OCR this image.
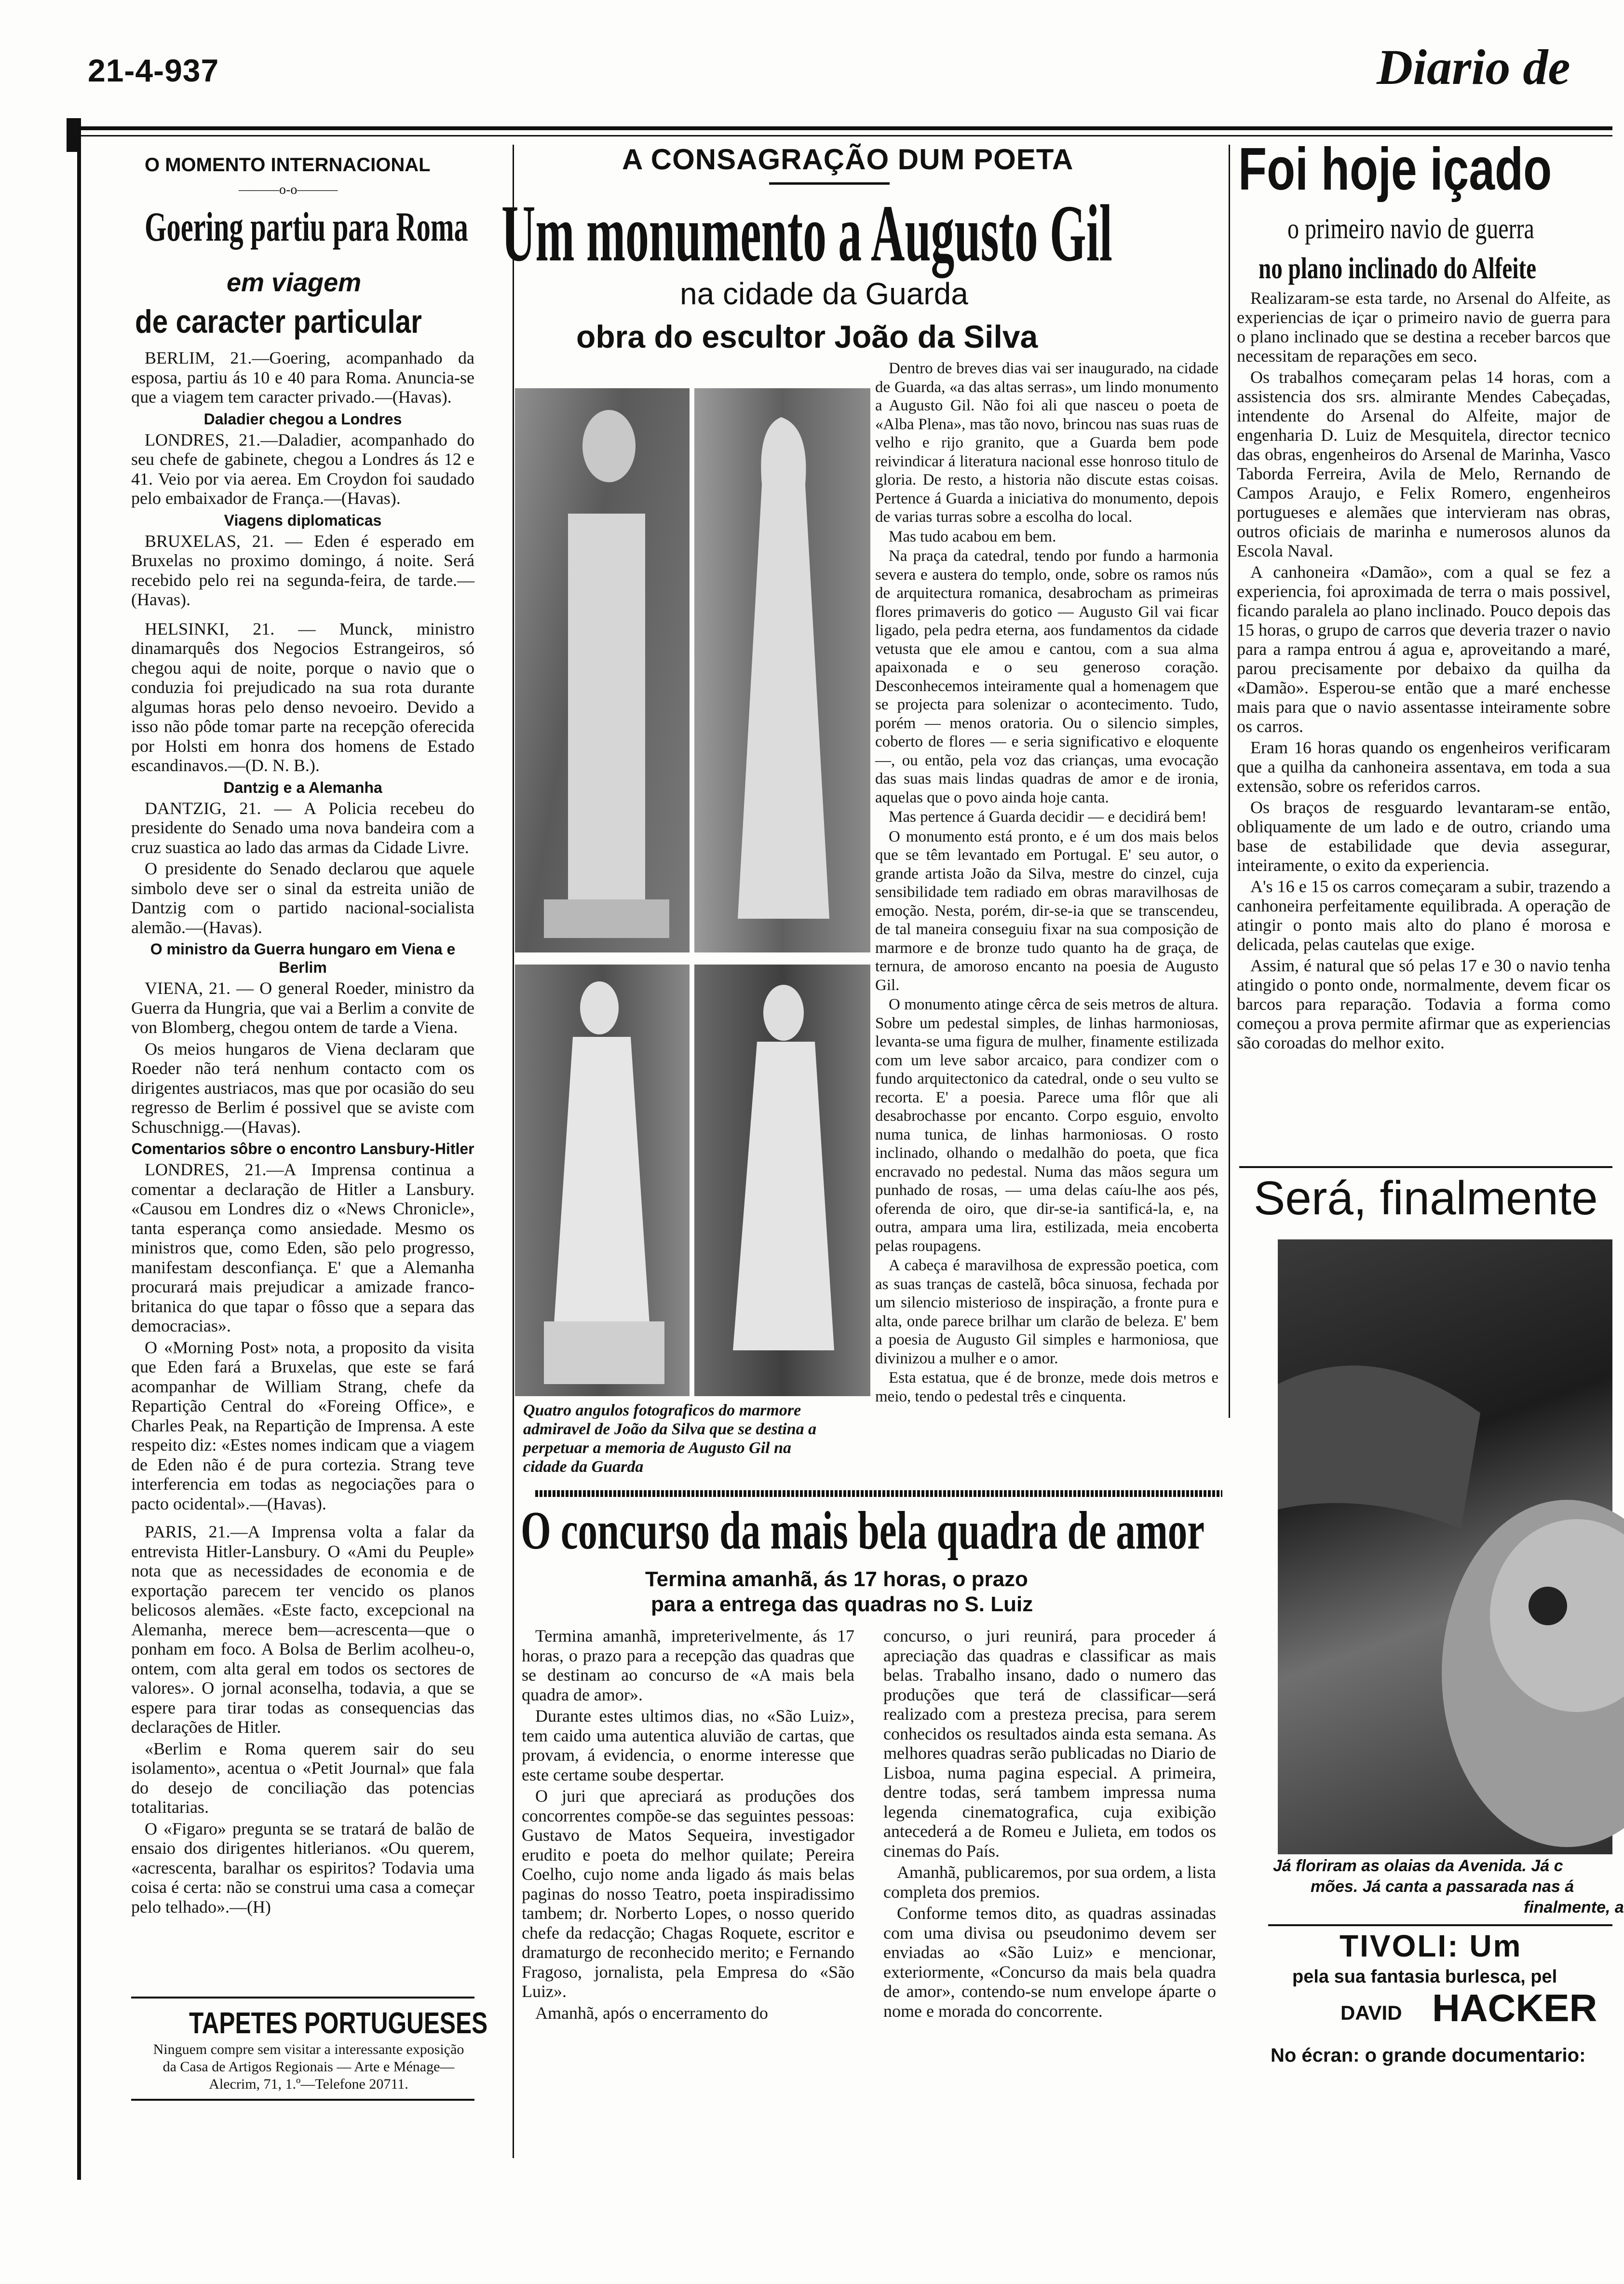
21-4-937	Diario de
O MOMENTO INTERNACIONAL
———o-o———
Goering partiu para Roma
em viagem
de caracter particular

BERLIM, 21.—Goering, acompanhado da esposa, partiu ás 10 e 40 para Roma. Anuncia-se que a viagem tem caracter privado.—(Havas).

Daladier chegou a Londres

LONDRES, 21.—Daladier, acompanhado do seu chefe de gabinete, chegou a Londres ás 12 e 41. Veio por via aerea. Em Croydon foi saudado pelo embaixador de França.—(Havas).

Viagens diplomaticas

BRUXELAS, 21. — Eden é esperado em Bruxelas no proximo domingo, á noite. Será recebido pelo rei na segunda-feira, de tarde.—(Havas).

HELSINKI, 21. — Munck, ministro dinamarquês dos Negocios Estrangeiros, só chegou aqui de noite, porque o navio que o conduzia foi prejudicado na sua rota durante algumas horas pelo denso nevoeiro. Devido a isso não pôde tomar parte na recepção oferecida por Holsti em honra dos homens de Estado escandinavos.—(D. N. B.).

Dantzig e a Alemanha

DANTZIG, 21. — A Policia recebeu do presidente do Senado uma nova bandeira com a cruz suastica ao lado das armas da Cidade Livre.

O presidente do Senado declarou que aquele simbolo deve ser o sinal da estreita união de Dantzig com o partido nacional-socialista alemão.—(Havas).

O ministro da Guerra hungaro em Viena e Berlim

VIENA, 21. — O general Roeder, ministro da Guerra da Hungria, que vai a Berlim a convite de von Blomberg, chegou ontem de tarde a Viena.

Os meios hungaros de Viena declaram que Roeder não terá nenhum contacto com os dirigentes austriacos, mas que por ocasião do seu regresso de Berlim é possivel que se aviste com Schuschnigg.—(Havas).

Comentarios sôbre o encontro Lansbury-Hitler

LONDRES, 21.—A Imprensa continua a comentar a declaração de Hitler a Lansbury. «Causou em Londres diz o «News Chronicle», tanta esperança como ansiedade. Mesmo os ministros que, como Eden, são pelo progresso, manifestam desconfiança. E' que a Alemanha procurará mais prejudicar a amizade franco-britanica do que tapar o fôsso que a separa das democracias».

O «Morning Post» nota, a proposito da visita que Eden fará a Bruxelas, que este se fará acompanhar de William Strang, chefe da Repartição Central do «Foreing Office», e Charles Peak, na Repartição de Imprensa. A este respeito diz: «Estes nomes indicam que a viagem de Eden não é de pura cortezia. Strang teve interferencia em todas as negociações para o pacto ocidental».—(Havas).

PARIS, 21.—A Imprensa volta a falar da entrevista Hitler-Lansbury. O «Ami du Peuple» nota que as necessidades de economia e de exportação parecem ter vencido os planos belicosos alemães. «Este facto, excepcional na Alemanha, merece bem—acrescenta—que o ponham em foco. A Bolsa de Berlim acolheu-o, ontem, com alta geral em todos os sectores de valores». O jornal aconselha, todavia, a que se espere para tirar todas as consequencias das declarações de Hitler.

«Berlim e Roma querem sair do seu isolamento», acentua o «Petit Journal» que fala do desejo de conciliação das potencias totalitarias.

O «Figaro» pregunta se se tratará de balão de ensaio dos dirigentes hitlerianos. «Ou querem, «acrescenta, baralhar os espiritos? Todavia uma coisa é certa: não se construi uma casa a começar pelo telhado».—(H)

TAPETES PORTUGUESES
Ninguem compre sem visitar a interessante exposição da Casa de Artigos Regionais — Arte e Ménage—Alecrim, 71, 1.º—Telefone 20711.
A CONSAGRAÇÃO DUM POETA
Um monumento a Augusto Gil
na cidade da Guarda
obra do escultor João da Silva
Quatro angulos fotograficos do marmore admiravel de João da Silva que se destina a perpetuar a memoria de Augusto Gil na cidade da Guarda

Dentro de breves dias vai ser inaugurado, na cidade de Guarda, «a das altas serras», um lindo monumento a Augusto Gil. Não foi ali que nasceu o poeta de «Alba Plena», mas tão novo, brincou nas suas ruas de velho e rijo granito, que a Guarda bem pode reivindicar á literatura nacional esse honroso titulo de gloria. De resto, a historia não discute estas coisas. Pertence á Guarda a iniciativa do monumento, depois de varias turras sobre a escolha do local.

Mas tudo acabou em bem.

Na praça da catedral, tendo por fundo a harmonia severa e austera do templo, onde, sobre os ramos nús de arquitectura romanica, desabrocham as primeiras flores primaveris do gotico — Augusto Gil vai ficar ligado, pela pedra eterna, aos fundamentos da cidade vetusta que ele amou e cantou, com a sua alma apaixonada e o seu generoso coração. Desconhecemos inteiramente qual a homenagem que se projecta para solenizar o acontecimento. Tudo, porém — menos oratoria. Ou o silencio simples, coberto de flores — e seria significativo e eloquente —, ou então, pela voz das crianças, uma evocação das suas mais lindas quadras de amor e de ironia, aquelas que o povo ainda hoje canta.

Mas pertence á Guarda decidir — e decidirá bem!

O monumento está pronto, e é um dos mais belos que se têm levantado em Portugal. E' seu autor, o grande artista João da Silva, mestre do cinzel, cuja sensibilidade tem radiado em obras maravilhosas de emoção. Nesta, porém, dir-se-ia que se transcendeu, de tal maneira conseguiu fixar na sua composição de marmore e de bronze tudo quanto ha de graça, de ternura, de amoroso encanto na poesia de Augusto Gil.

O monumento atinge cêrca de seis metros de altura. Sobre um pedestal simples, de linhas harmoniosas, levanta-se uma figura de mulher, finamente estilizada com um leve sabor arcaico, para condizer com o fundo arquitectonico da catedral, onde o seu vulto se recorta. E' a poesia. Parece uma flôr que ali desabrochasse por encanto. Corpo esguio, envolto numa tunica, de linhas harmoniosas. O rosto inclinado, olhando o medalhão do poeta, que fica encravado no pedestal. Numa das mãos segura um punhado de rosas, — uma delas caíu-lhe aos pés, oferenda de oiro, que dir-se-ia santificá-la, e, na outra, ampara uma lira, estilizada, meia encoberta pelas roupagens.

A cabeça é maravilhosa de expressão poetica, com as suas tranças de castelã, bôca sinuosa, fechada por um silencio misterioso de inspiração, a fronte pura e alta, onde parece brilhar um clarão de beleza. E' bem a poesia de Augusto Gil simples e harmoniosa, que divinizou a mulher e o amor.

Esta estatua, que é de bronze, mede dois metros e meio, tendo o pedestal três e cinquenta.

O concurso da mais bela quadra de amor
Termina amanhã, ás 17 horas, o prazo
para a entrega das quadras no S. Luiz

Termina amanhã, impreterivelmente, ás 17 horas, o prazo para a recepção das quadras que se destinam ao concurso de «A mais bela quadra de amor».

Durante estes ultimos dias, no «São Luiz», tem caido uma autentica aluvião de cartas, que provam, á evidencia, o enorme interesse que este certame soube despertar.

O juri que apreciará as produções dos concorrentes compõe-se das seguintes pessoas: Gustavo de Matos Sequeira, investigador erudito e poeta do melhor quilate; Pereira Coelho, cujo nome anda ligado ás mais belas paginas do nosso Teatro, poeta inspiradissimo tambem; dr. Norberto Lopes, o nosso querido chefe da redacção; Chagas Roquete, escritor e dramaturgo de reconhecido merito; e Fernando Fragoso, jornalista, pela Empresa do «São Luiz».

Amanhã, após o encerramento do

concurso, o juri reunirá, para proceder á apreciação das quadras e classificar as mais belas. Trabalho insano, dado o numero das produções que terá de classificar—será realizado com a presteza precisa, para serem conhecidos os resultados ainda esta semana. As melhores quadras serão publicadas no Diario de Lisboa, numa pagina especial. A primeira, dentre todas, será tambem impressa numa legenda cinematografica, cuja exibição antecederá a de Romeu e Julieta, em todos os cinemas do País.

Amanhã, publicaremos, por sua ordem, a lista completa dos premios.

Conforme temos dito, as quadras assinadas com uma divisa ou pseudonimo devem ser enviadas ao «São Luiz» e mencionar, exteriormente, «Concurso da mais bela quadra de amor», contendo-se num envelope áparte o nome e morada do concorrente.

Foi hoje içado
o primeiro navio de guerra
no plano inclinado do Alfeite

Realizaram-se esta tarde, no Arsenal do Alfeite, as experiencias de içar o primeiro navio de guerra para o plano inclinado que se destina a receber barcos que necessitam de reparações em seco.

Os trabalhos começaram pelas 14 horas, com a assistencia dos srs. almirante Mendes Cabeçadas, intendente do Arsenal do Alfeite, major de engenharia D. Luiz de Mesquitela, director tecnico das obras, engenheiros do Arsenal de Marinha, Vasco Taborda Ferreira, Avila de Melo, Rernando de Campos Araujo, e Felix Romero, engenheiros portugueses e alemães que intervieram nas obras, outros oficiais de marinha e numerosos alunos da Escola Naval.

A canhoneira «Damão», com a qual se fez a experiencia, foi aproximada de terra o mais possivel, ficando paralela ao plano inclinado. Pouco depois das 15 horas, o grupo de carros que deveria trazer o navio para a rampa entrou á agua e, aproveitando a maré, parou precisamente por debaixo da quilha da «Damão». Esperou-se então que a maré enchesse mais para que o navio assentasse inteiramente sobre os carros.

Eram 16 horas quando os engenheiros verificaram que a quilha da canhoneira assentava, em toda a sua extensão, sobre os referidos carros.

Os braços de resguardo levantaram-se então, obliquamente de um lado e de outro, criando uma base de estabilidade que devia assegurar, inteiramente, o exito da experiencia.

A's 16 e 15 os carros começaram a subir, trazendo a canhoneira perfeitamente equilibrada. A operação de atingir o ponto mais alto do plano é morosa e delicada, pelas cautelas que exige.

Assim, é natural que só pelas 17 e 30 o navio tenha atingido o ponto onde, normalmente, devem ficar os barcos para reparação. Todavia a forma como começou a prova permite afirmar que as experiencias são coroadas do melhor exito.

Será, finalmente
Já floriram as olaias da Avenida. Já c
mões. Já canta a passarada nas á
finalmente, a
TIVOLI: Um
pela sua fantasia burlesca, pel
DAVID HACKER
No écran: o grande documentario:
